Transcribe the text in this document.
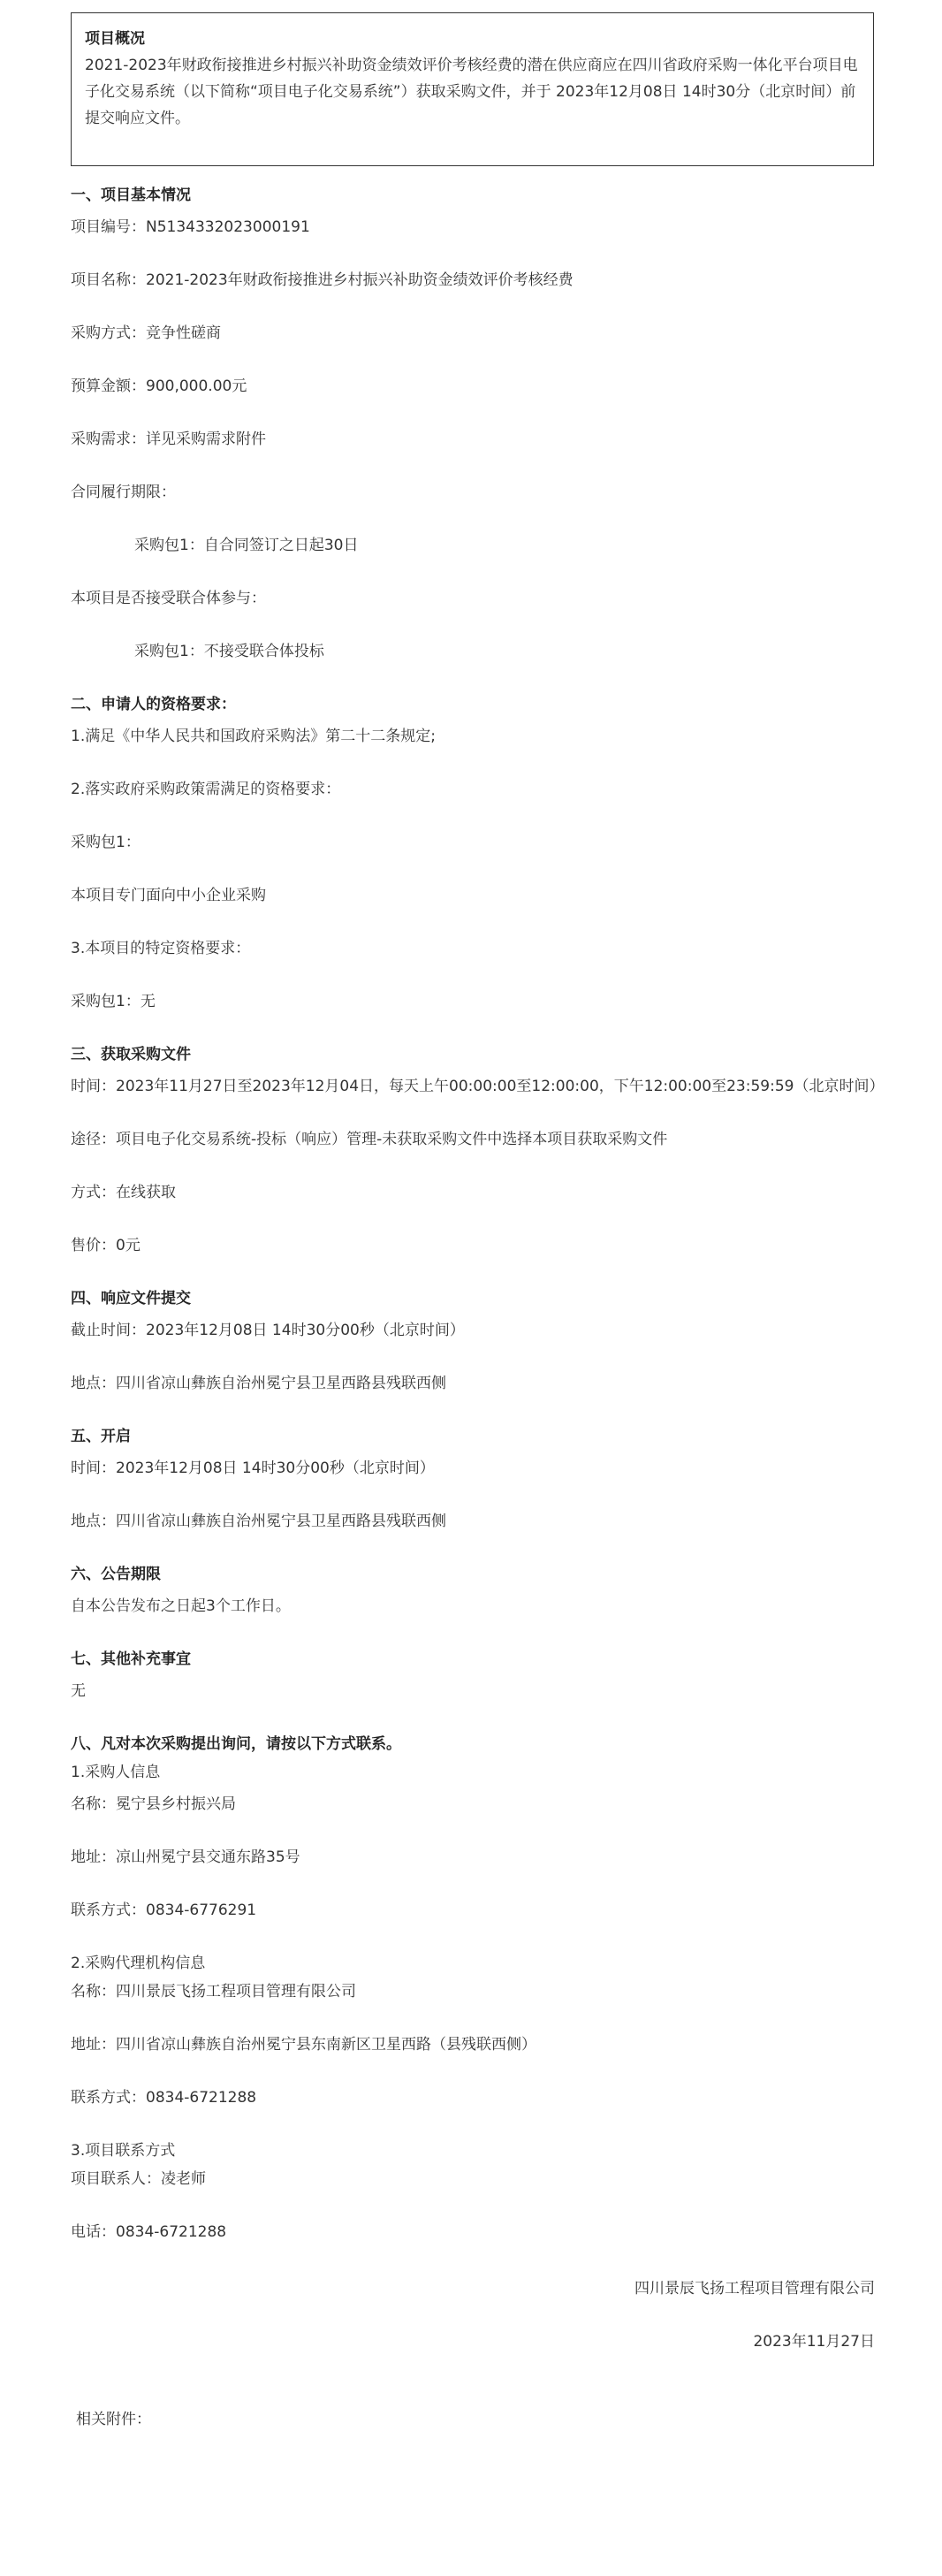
项目概况
2021-2023年财政衔接推进乡村振兴补助资金绩效评价考核经费的潜在供应商应在四川省政府采购一体化平台项目电子化交易系统（以下简称“项目电子化交易系统”）获取采购文件，并于 2023年12月08日 14时30分（北京时间）前提交响应文件。
一、项目基本情况
项目编号：N5134332023000191
项目名称：2021-2023年财政衔接推进乡村振兴补助资金绩效评价考核经费
采购方式：竞争性磋商
预算金额：900,000.00元
采购需求：详见采购需求附件
合同履行期限：
采购包1：自合同签订之日起30日
本项目是否接受联合体参与：
采购包1：不接受联合体投标
二、申请人的资格要求：
1.满足《中华人民共和国政府采购法》第二十二条规定;
2.落实政府采购政策需满足的资格要求：
采购包1：
本项目专门面向中小企业采购
3.本项目的特定资格要求：
采购包1：无
三、获取采购文件
时间：2023年11月27日至2023年12月04日，每天上午00:00:00至12:00:00，下午12:00:00至23:59:59（北京时间）
途径：项目电子化交易系统-投标（响应）管理-未获取采购文件中选择本项目获取采购文件
方式：在线获取
售价：0元
四、响应文件提交
截止时间：2023年12月08日 14时30分00秒（北京时间）
地点：四川省凉山彝族自治州冕宁县卫星西路县残联西侧
五、开启
时间：2023年12月08日 14时30分00秒（北京时间）
地点：四川省凉山彝族自治州冕宁县卫星西路县残联西侧
六、公告期限
自本公告发布之日起3个工作日。
七、其他补充事宜
无
八、凡对本次采购提出询问，请按以下方式联系。
1.采购人信息
名称：冕宁县乡村振兴局
地址：凉山州冕宁县交通东路35号
联系方式：0834-6776291
2.采购代理机构信息
名称：四川景辰飞扬工程项目管理有限公司
地址：四川省凉山彝族自治州冕宁县东南新区卫星西路（县残联西侧）
联系方式：0834-6721288
3.项目联系方式
项目联系人：凌老师
电话：0834-6721288
四川景辰飞扬工程项目管理有限公司
2023年11月27日
相关附件：
